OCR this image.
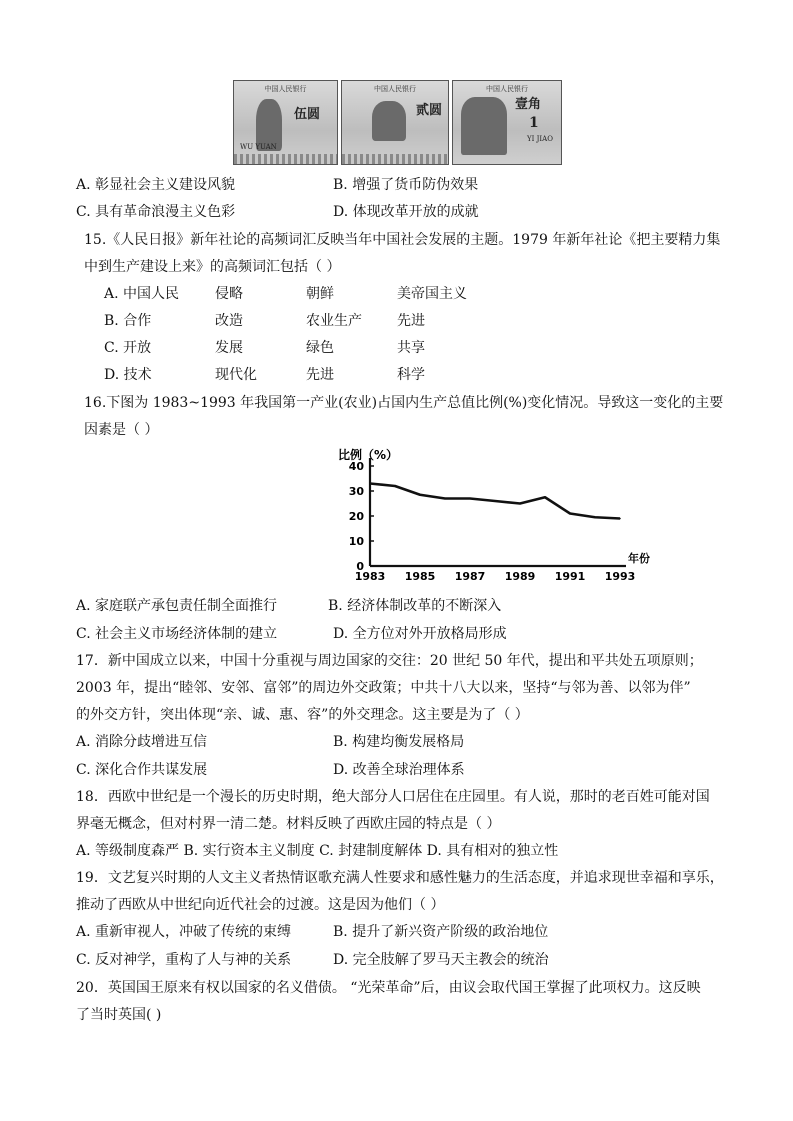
中国人民银行
伍圆
WU YUAN
中国人民银行
贰圆
中国人民银行
壹角
1
YI JIAO
A. 彰显社会主义建设风貌	B. 增强了货币防伪效果
C. 具有革命浪漫主义色彩	D. 体现改革开放的成就
15.《人民日报》新年社论的高频词汇反映当年中国社会发展的主题。1979 年新年社论《把主要精力集
中到生产建设上来》的高频词汇包括（ ）
A. 中国人民	侵略	朝鲜	美帝国主义
B. 合作	改造	农业生产	先进
C. 开放	发展	绿色	共享
D. 技术	现代化	先进	科学
16.下图为 1983~1993 年我国第一产业(农业)占国内生产总值比例(%)变化情况。导致这一变化的主要
因素是（ ）
比例（%）
年份
40
30
20
10
0
1983 1985 1987 1989 1991 1993
A. 家庭联产承包责任制全面推行	B. 经济体制改革的不断深入
C. 社会主义市场经济体制的建立	D. 全方位对外开放格局形成
17．新中国成立以来，中国十分重视与周边国家的交往：20 世纪 50 年代，提出和平共处五项原则；
2003 年，提出“睦邻、安邻、富邻”的周边外交政策；中共十八大以来，坚持“与邻为善、以邻为伴”
的外交方针，突出体现“亲、诚、惠、容”的外交理念。这主要是为了（ ）
A. 消除分歧增进互信	B. 构建均衡发展格局
C. 深化合作共谋发展	D. 改善全球治理体系
18．西欧中世纪是一个漫长的历史时期，绝大部分人口居住在庄园里。有人说，那时的老百姓可能对国
界毫无概念，但对村界一清二楚。材料反映了西欧庄园的特点是（ ）
A. 等级制度森严 B. 实行资本主义制度 C. 封建制度解体 D. 具有相对的独立性
19．文艺复兴时期的人文主义者热情讴歌充满人性要求和感性魅力的生活态度，并追求现世幸福和享乐，
推动了西欧从中世纪向近代社会的过渡。这是因为他们（ ）
A. 重新审视人，冲破了传统的束缚	B. 提升了新兴资产阶级的政治地位
C. 反对神学，重构了人与神的关系	D. 完全肢解了罗马天主教会的统治
20．英国国王原来有权以国家的名义借债。 “光荣革命”后，由议会取代国王掌握了此项权力。这反映
了当时英国( )
